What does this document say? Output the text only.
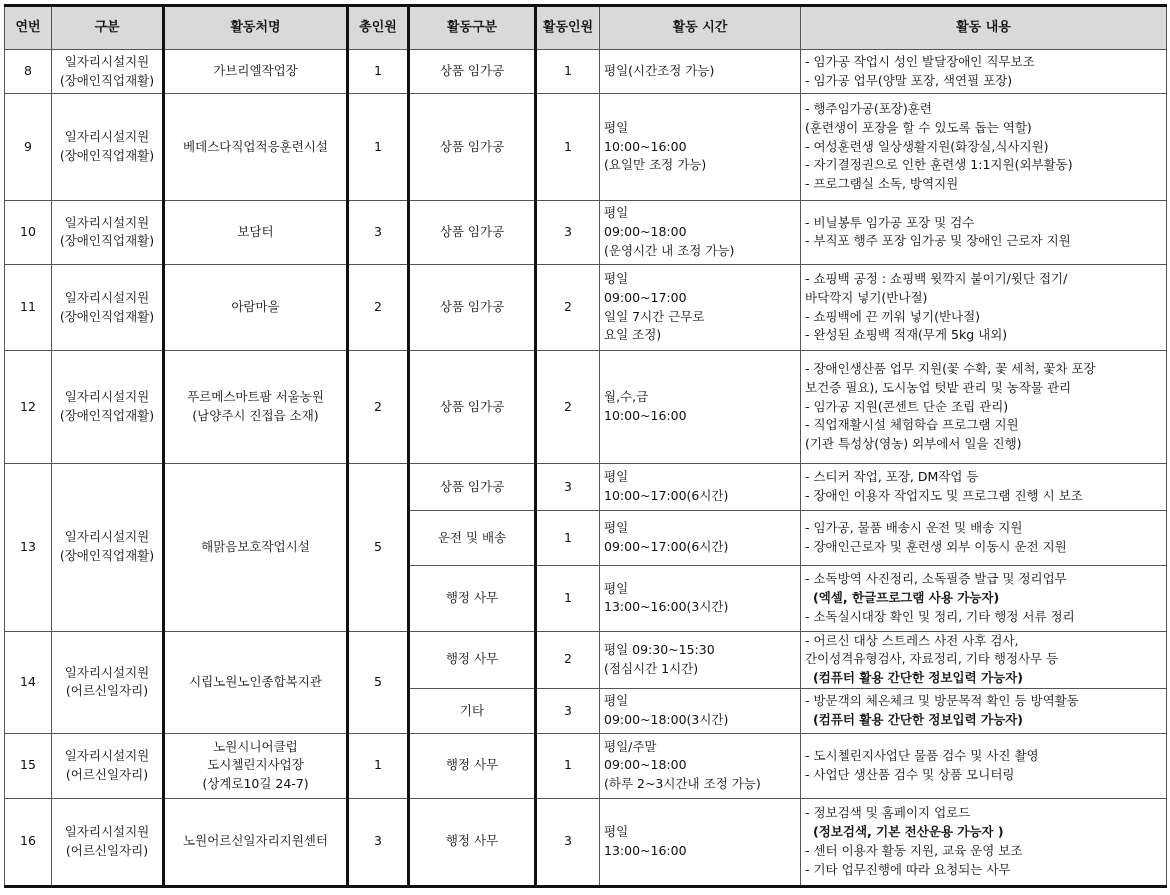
연번	구분	활동처명	총인원	활동구분	활동인원	활동 시간	활동 내용
8	일자리시설지원
(장애인직업재활)	가브리엘작업장	1	상품 임가공	1	평일(시간조정 가능)	- 임가공 작업시 성인 발달장애인 직무보조
- 임가공 업무(양말 포장, 색연필 포장)

9	일자리시설지원
(장애인직업재활)	베데스다직업적응훈련시설	1	상품 임가공	1	평일
10:00~16:00
(요일만 조정 가능)	- 행주임가공(포장)훈련
(훈련생이 포장을 할 수 있도록 돕는 역할)
- 여성훈련생 일상생활지원(화장실,식사지원)
- 자기결정권으로 인한 훈련생 1:1지원(외부활동)
- 프로그램실 소독, 방역지원

10	일자리시설지원
(장애인직업재활)	보담터	3	상품 임가공	3	평일
09:00~18:00
(운영시간 내 조정 가능)	- 비닐봉투 임가공 포장 및 검수
- 부직포 행주 포장 임가공 및 장애인 근로자 지원

11	일자리시설지원
(장애인직업재활)	아람마을	2	상품 임가공	2	평일
09:00~17:00
일일 7시간 근무로
요일 조정)	- 쇼핑백 공정 : 쇼핑백 윗깍지 붙이기/윗단 접기/
바닥깍지 넣기(반나절)
- 쇼핑백에 끈 끼워 넣기(반나절)
- 완성된 쇼핑백 적재(무게 5kg 내외)

12	일자리시설지원
(장애인직업재활)	푸르메스마트팜 서울농원
(남양주시 진접읍 소재)	2	상품 임가공	2	월,수,금
10:00~16:00	- 장애인생산품 업무 지원(꽃 수확, 꽃 세척, 꽃차 포장
보건증 필요), 도시농업 텃밭 관리 및 농작물 관리
- 임가공 지원(콘센트 단순 조립 관리)
- 직업재활시설 체험학습 프로그램 지원
(기관 특성상(영농) 외부에서 일을 진행)

13	일자리시설지원
(장애인직업재활)	해맑음보호작업시설	5	상품 임가공	3	평일
10:00~17:00(6시간)	- 스티커 작업, 포장, DM작업 등
- 장애인 이용자 작업지도 및 프로그램 진행 시 보조

				운전 및 배송	1	평일
09:00~17:00(6시간)	- 임가공, 물품 배송시 운전 및 배송 지원
- 장애인근로자 및 훈련생 외부 이동시 운전 지원

				행정 사무	1	평일
13:00~16:00(3시간)	- 소독방역 사진정리, 소독필증 발급 및 정리업무
(엑셀, 한글프로그램 사용 가능자)
- 소독실시대장 확인 및 정리, 기타 행정 서류 정리

14	일자리시설지원
(어르신일자리)	시립노원노인종합복지관	5	행정 사무	2	평일 09:30~15:30
(점심시간 1시간)	- 어르신 대상 스트레스 사전 사후 검사,
간이성격유형검사, 자료정리, 기타 행정사무 등
(컴퓨터 활용 간단한 정보입력 가능자)

				기타	3	평일
09:00~18:00(3시간)	- 방문객의 체온체크 및 방문목적 확인 등 방역활동
(컴퓨터 활용 간단한 정보입력 가능자)

15	일자리시설지원
(어르신일자리)	노원시니어클럽
도시첼린지사업장
(상계로10길 24-7)	1	행정 사무	1	평일/주말
09:00~18:00
(하루 2~3시간내 조정 가능)	- 도시첼린지사업단 물품 검수 및 사진 촬영
- 사업단 생산품 검수 및 상품 모니터링

16	일자리시설지원
(어르신일자리)	노원어르신일자리지원센터	3	행정 사무	3	평일
13:00~16:00	- 정보검색 및 홈페이지 업로드
(정보검색, 기본 전산운용 가능자 )
- 센터 이용자 활동 지원, 교육 운영 보조
- 기타 업무진행에 따라 요청되는 사무
